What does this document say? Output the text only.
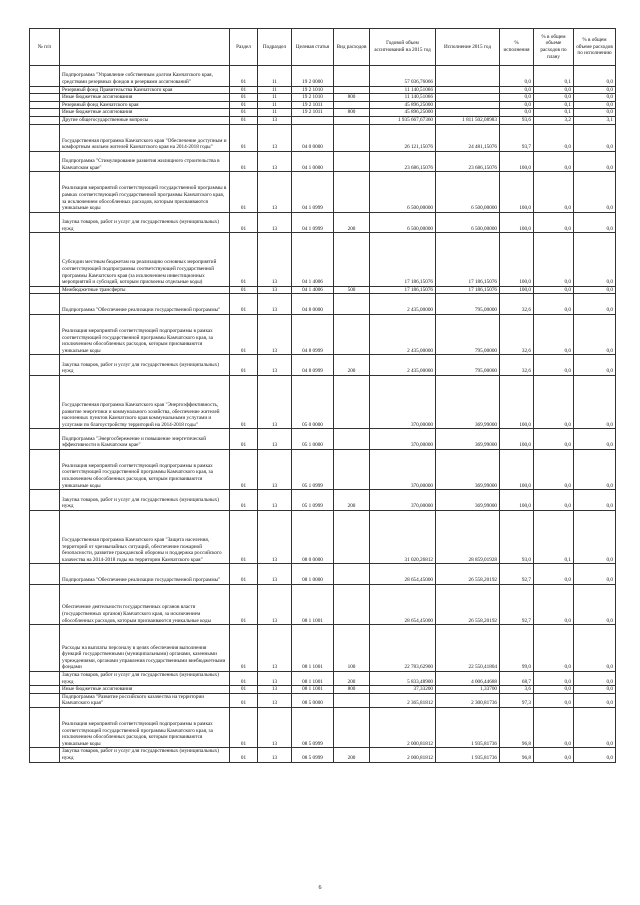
№ п/п		Раздел	Подраздел	Целевая статья	Вид расходов	Годовой объем ассигнований на 2015 год	Исполнение 2015 год	% исполнения	% в общем объеме расходов по плану	% в общем объеме расходов по исполнению
	Подпрограмма "Управление собственным долгом Камчатского края, средствами резервных фондов и резервами ассигнований"	01	11	19 2 0000		57 036,76066		0,0	0,1	0,0
	Резервный фонд Правительства Камчатского края	01	11	19 2 1010		11 140,51066		0,0	0,0	0,0
	Иные бюджетные ассигнования	01	11	19 2 1010	800	11 140,51066		0,0	0,0	0,0
	Резервный фонд Камчатского края	01	11	19 2 1011		45 896,25000		0,0	0,1	0,0
	Иные бюджетные ассигнования	01	11	19 2 1011	800	45 896,25000		0,0	0,1	0,0
	Другие общегосударственные вопросы	01	13			1 935 667,67360	1 811 502,08983	93,6	3,2	3,1
	Государственная программа Камчатского края "Обеспечение доступным и комфортным жильем жителей Камчатского края на 2014-2018 годы"	01	13	04 0 0000		26 121,15076	24 481,15076	93,7	0,0	0,0
	Подпрограмма "Стимулирование развития жилищного строительства в Камчатском крае"	01	13	04 1 0000		23 686,15076	23 686,15076	100,0	0,0	0,0
	Реализация мероприятий соответствующей государственной программы в рамках соответствующей государственной программы Камчатского края, за исключением обособленных расходов, которым присваиваются уникальные коды	01	13	04 1 0999		6 500,00000	6 500,00000	100,0	0,0	0,0
	Закупка товаров, работ и услуг для государственных (муниципальных) нужд	01	13	04 1 0999	200	6 500,00000	6 500,00000	100,0	0,0	0,0
	Субсидии местным бюджетам на реализацию основных мероприятий соответствующей подпрограммы соответствующей государственной программы Камчатского края (за исключением инвестиционных мероприятий и субсидий, которым присвоены отдельные коды)	01	13	04 1 4006		17 186,15076	17 186,15076	100,0	0,0	0,0
	Межбюджетные трансферты	01	13	04 1 4006	500	17 186,15076	17 186,15076	100,0	0,0	0,0
	Подпрограмма "Обеспечение реализации государственной программы"	01	13	04 8 0000		2 435,00000	795,00000	32,6	0,0	0,0
	Реализация мероприятий соответствующей подпрограммы в рамках соответствующей государственной программы Камчатского края, за исключением обособленных расходов, которым присваиваются уникальные коды	01	13	04 8 0999		2 435,00000	795,00000	32,6	0,0	0,0
	Закупка товаров, работ и услуг для государственных (муниципальных) нужд	01	13	04 8 0999	200	2 435,00000	795,00000	32,6	0,0	0,0
	Государственная программа Камчатского края "Энергоэффективность, развитие энергетики и коммунального хозяйства, обеспечение жителей населенных пунктов Камчатского края коммунальными услугами и услугами по благоустройству территорий на 2014-2018 годы"	01	13	05 0 0000		370,00000	369,99000	100,0	0,0	0,0
	Подпрограмма "Энергосбережение и повышение энергетической эффективности в Камчатском крае"	01	13	05 1 0000		370,00000	369,99000	100,0	0,0	0,0
	Реализация мероприятий соответствующей подпрограммы в рамках соответствующей государственной программы Камчатского края, за исключением обособленных расходов, которым присваиваются уникальные коды	01	13	05 1 0999		370,00000	369,99000	100,0	0,0	0,0
	Закупка товаров, работ и услуг для государственных (муниципальных) нужд	01	13	05 1 0999	200	370,00000	369,99000	100,0	0,0	0,0
	Государственная программа Камчатского края "Защита населения, территорий от чрезвычайных ситуаций, обеспечение пожарной безопасности, развитие гражданской обороны и поддержка российского казачества на 2014-2018 годы на территории Камчатского края"	01	13	08 0 0000		31 020,26812	28 859,01928	93,0	0,1	0,0
	Подпрограмма "Обеспечение реализации государственной программы"	01	13	08 1 0000		28 654,45000	26 558,20192	92,7	0,0	0,0
	Обеспечение деятельности государственных органов власти (государственных органов) Камчатского края, за исключением обособленных расходов, которым присваиваются уникальные коды	01	13	08 1 1001		28 654,45000	26 558,20192	92,7	0,0	0,0
	Расходы на выплаты персоналу в целях обеспечения выполнения функций государственными (муниципальными) органами, казенными учреждениями, органами управления государственными внебюджетными фондами	01	13	08 1 1001	100	22 783,62900	22 550,41804	99,0	0,0	0,0
	Закупка товаров, работ и услуг для государственных (муниципальных) нужд	01	13	08 1 1001	200	5 833,48900	4 006,44688	68,7	0,0	0,0
	Иные бюджетные ассигнования	01	13	08 1 1001	800	37,33200	1,33700	3,6	0,0	0,0
	Подпрограмма "Развитие российского казачества на территории Камчатского края"	01	13	08 5 0000		2 365,81812	2 300,81736	97,3	0,0	0,0
	Реализация мероприятий соответствующей подпрограммы в рамках соответствующей государственной программы Камчатского края, за исключением обособленных расходов, которым присваиваются уникальные коды	01	13	08 5 0999		2 000,81812	1 935,81736	96,8	0,0	0,0
	Закупка товаров, работ и услуг для государственных (муниципальных) нужд	01	13	08 5 0999	200	2 000,81812	1 935,81736	96,8	0,0	0,0
6
